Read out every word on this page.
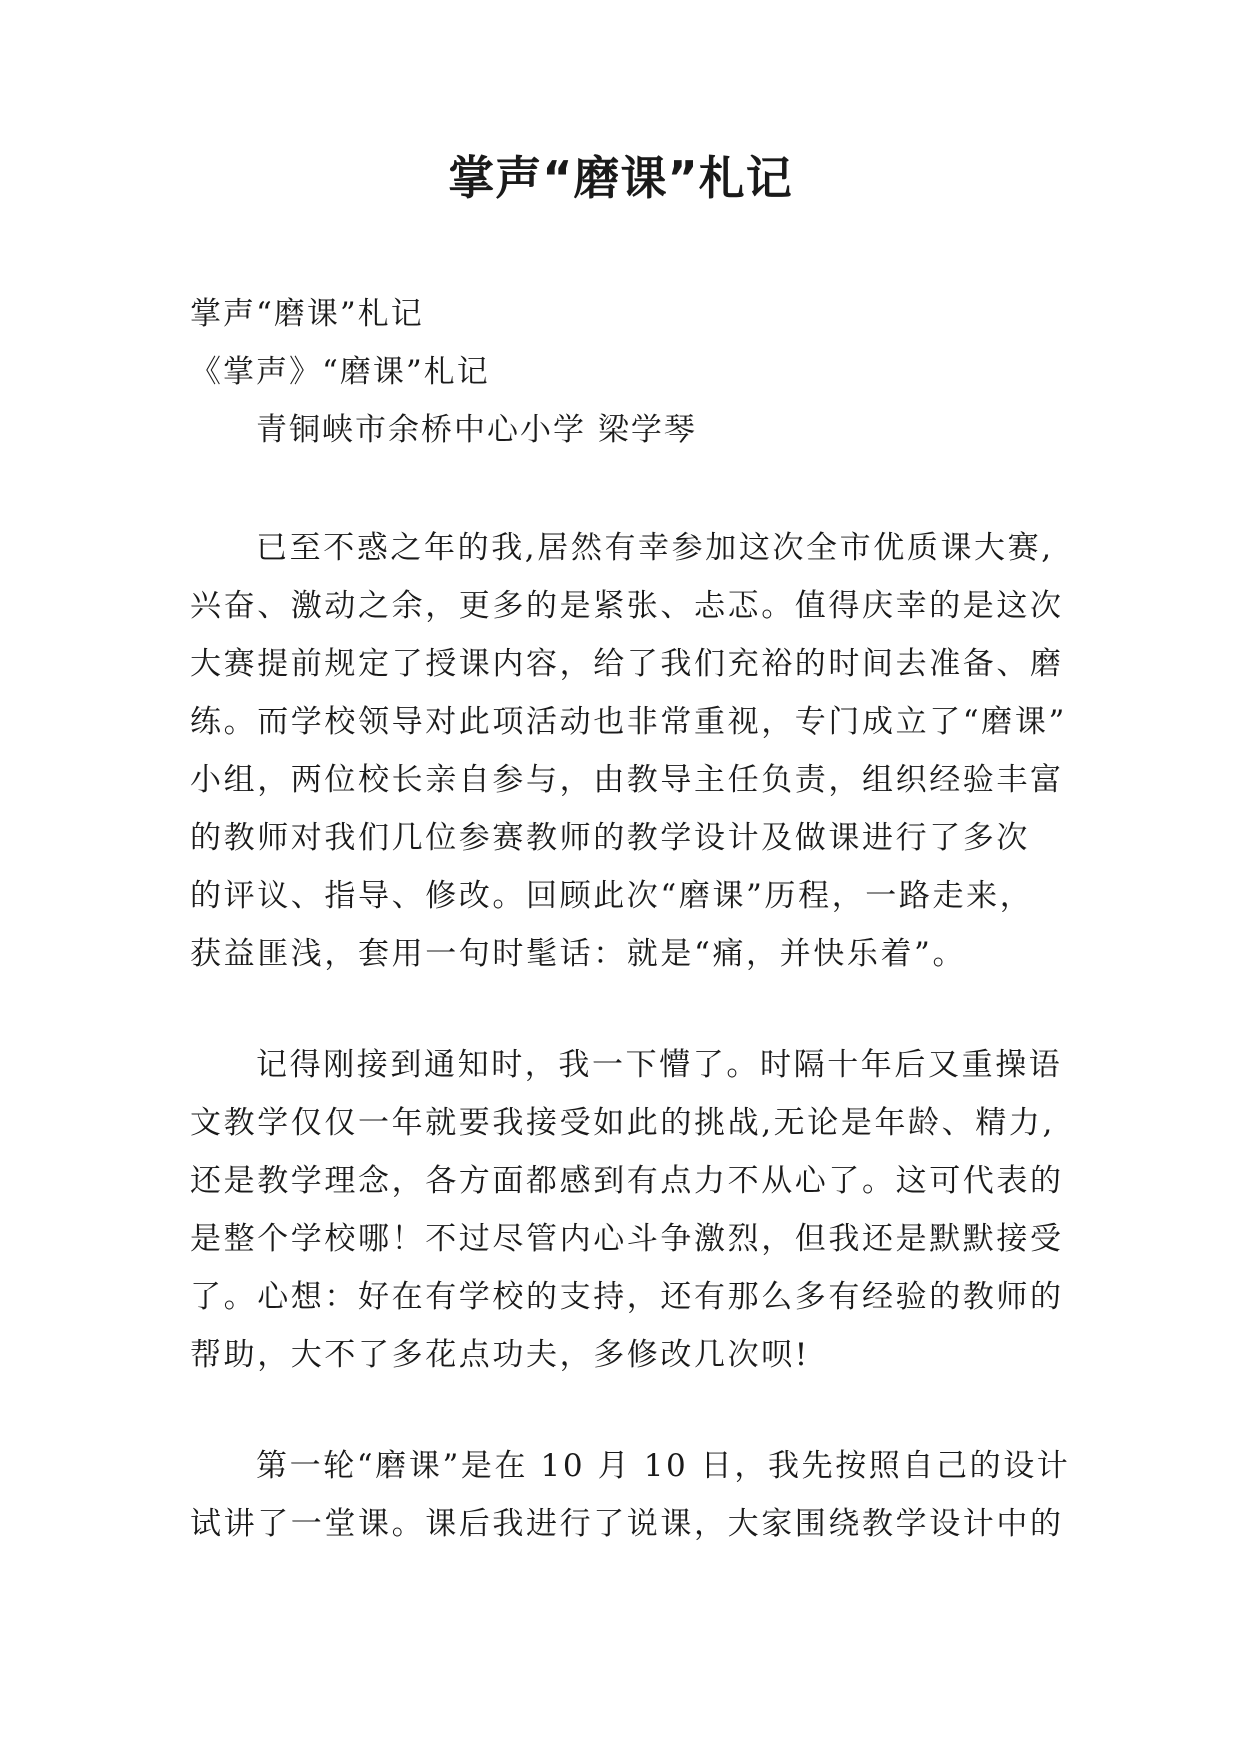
掌声“磨课”札记
掌声“磨课”札记
《掌声》“磨课”札记
青铜峡市余桥中心小学 梁学琴
已至不惑之年的我,居然有幸参加这次全市优质课大赛,
兴奋、激动之余，更多的是紧张、忐忑。值得庆幸的是这次
大赛提前规定了授课内容，给了我们充裕的时间去准备、磨
练。而学校领导对此项活动也非常重视，专门成立了“磨课”
小组，两位校长亲自参与，由教导主任负责，组织经验丰富
的教师对我们几位参赛教师的教学设计及做课进行了多次
的评议、指导、修改。回顾此次“磨课”历程，一路走来，
获益匪浅，套用一句时髦话：就是“痛，并快乐着”。
记得刚接到通知时，我一下懵了。时隔十年后又重操语
文教学仅仅一年就要我接受如此的挑战,无论是年龄、精力,
还是教学理念，各方面都感到有点力不从心了。这可代表的
是整个学校哪！不过尽管内心斗争激烈，但我还是默默接受
了。心想：好在有学校的支持，还有那么多有经验的教师的
帮助，大不了多花点功夫，多修改几次呗!
第一轮“磨课”是在 10 月 10 日，我先按照自己的设计
试讲了一堂课。课后我进行了说课，大家围绕教学设计中的
